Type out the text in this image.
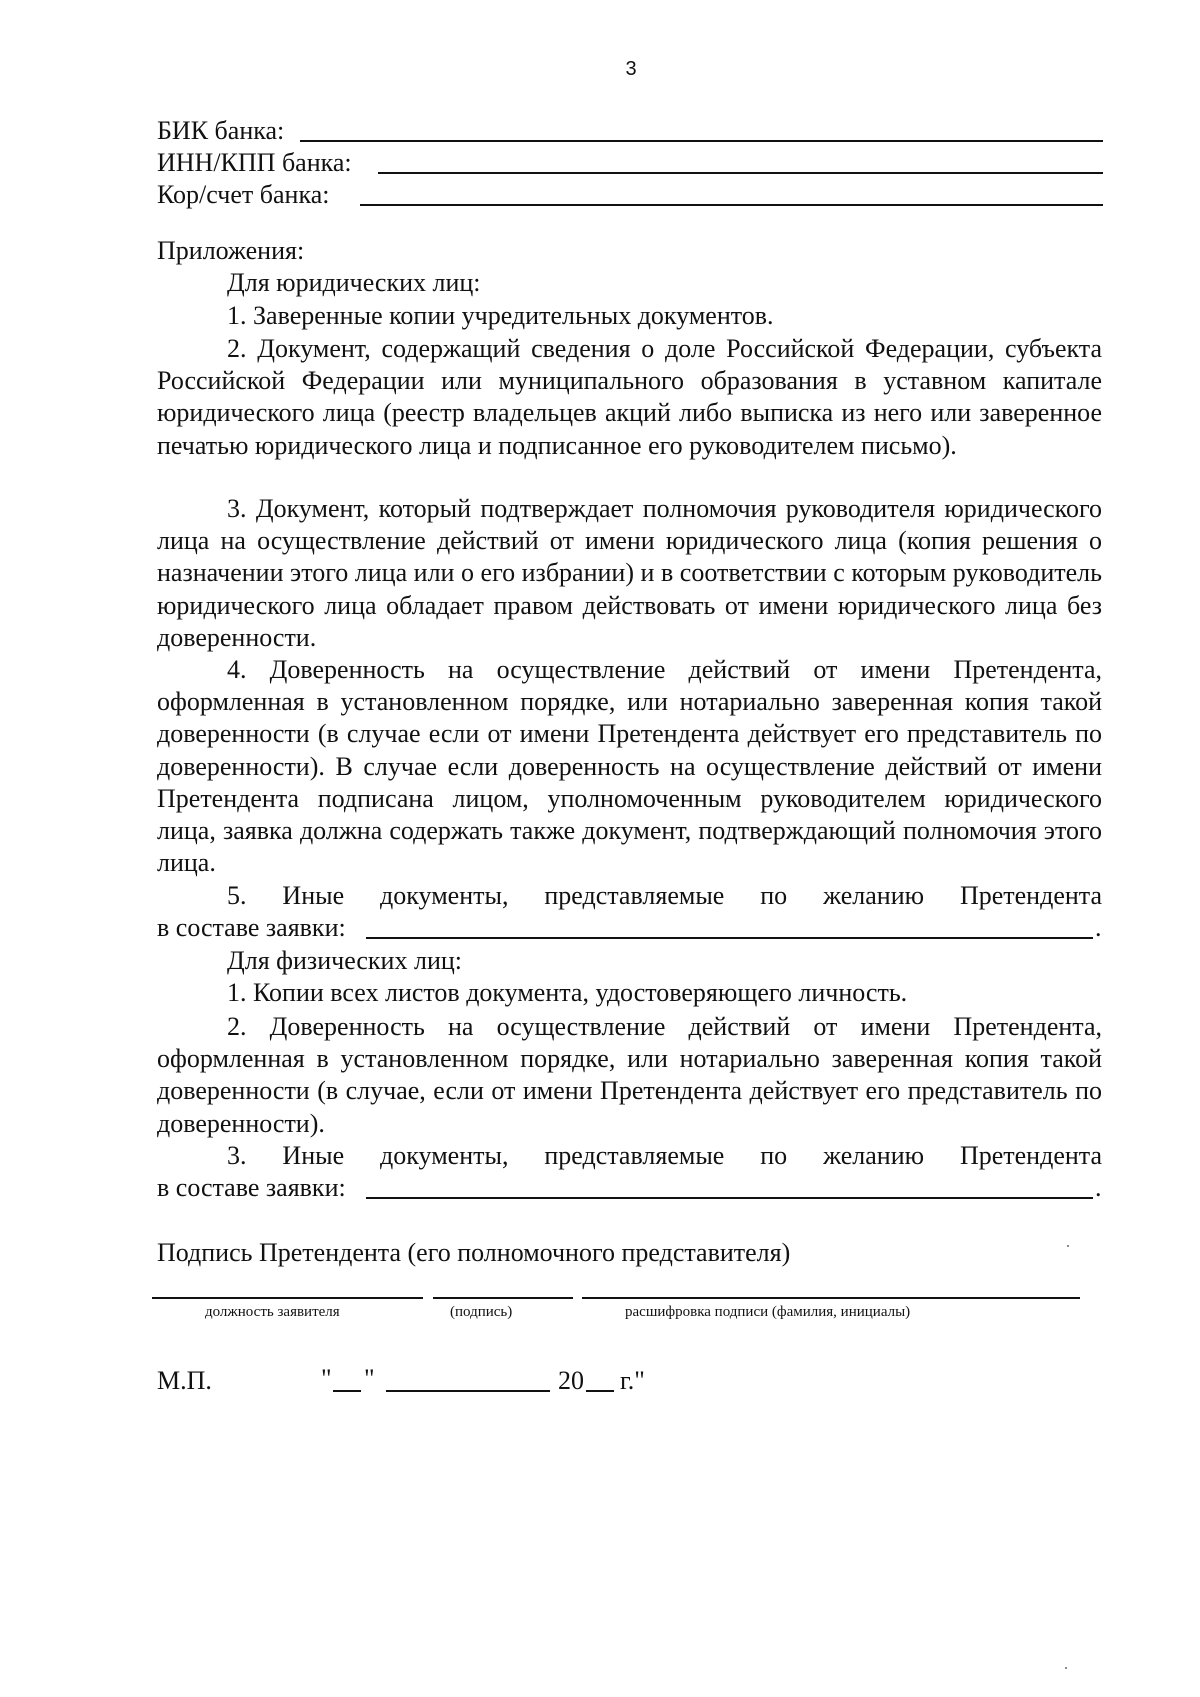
3
БИК банка:
ИНН/КПП банка:
Кор/счет банка:
Приложения:
Для юридических лиц:
1. Заверенные копии учредительных документов.

2. Документ, содержащий сведения о доле Российской Федерации, субъекта Российской Федерации или муниципального образования в уставном капитале юридического лица (реестр владельцев акций либо выписка из него или заверенное печатью юридического лица и подписанное его руководителем письмо).

3. Документ, который подтверждает полномочия руководителя юридического лица на осуществление действий от имени юридического лица (копия решения о назначении этого лица или о его избрании) и в соответствии с которым руководитель юридического лица обладает правом действовать от имени юридического лица без доверенности.

4. Доверенность на осуществление действий от имени Претендента, оформленная в установленном порядке, или нотариально заверенная копия такой доверенности (в случае если от имени Претендента действует его представитель по доверенности). В случае если доверенность на осуществление действий от имени Претендента подписана лицом, уполномоченным руководителем юридического лица, заявка должна содержать также документ, подтверждающий полномочия этого лица.

5. Иные документы, представляемые по желанию Претендента

в составе заявки:	.
Для физических лиц:
1. Копии всех листов документа, удостоверяющего личность.

2. Доверенность на осуществление действий от имени Претендента, оформленная в установленном порядке, или нотариально заверенная копия такой доверенности (в случае, если от имени Претендента действует его представитель по доверенности).

3. Иные документы, представляемые по желанию Претендента

в составе заявки:	.
Подпись Претендента (его полномочного представителя)
должность заявителя	(подпись)	расшифровка подписи (фамилия, инициалы)
М.П.	" "	20 г."
